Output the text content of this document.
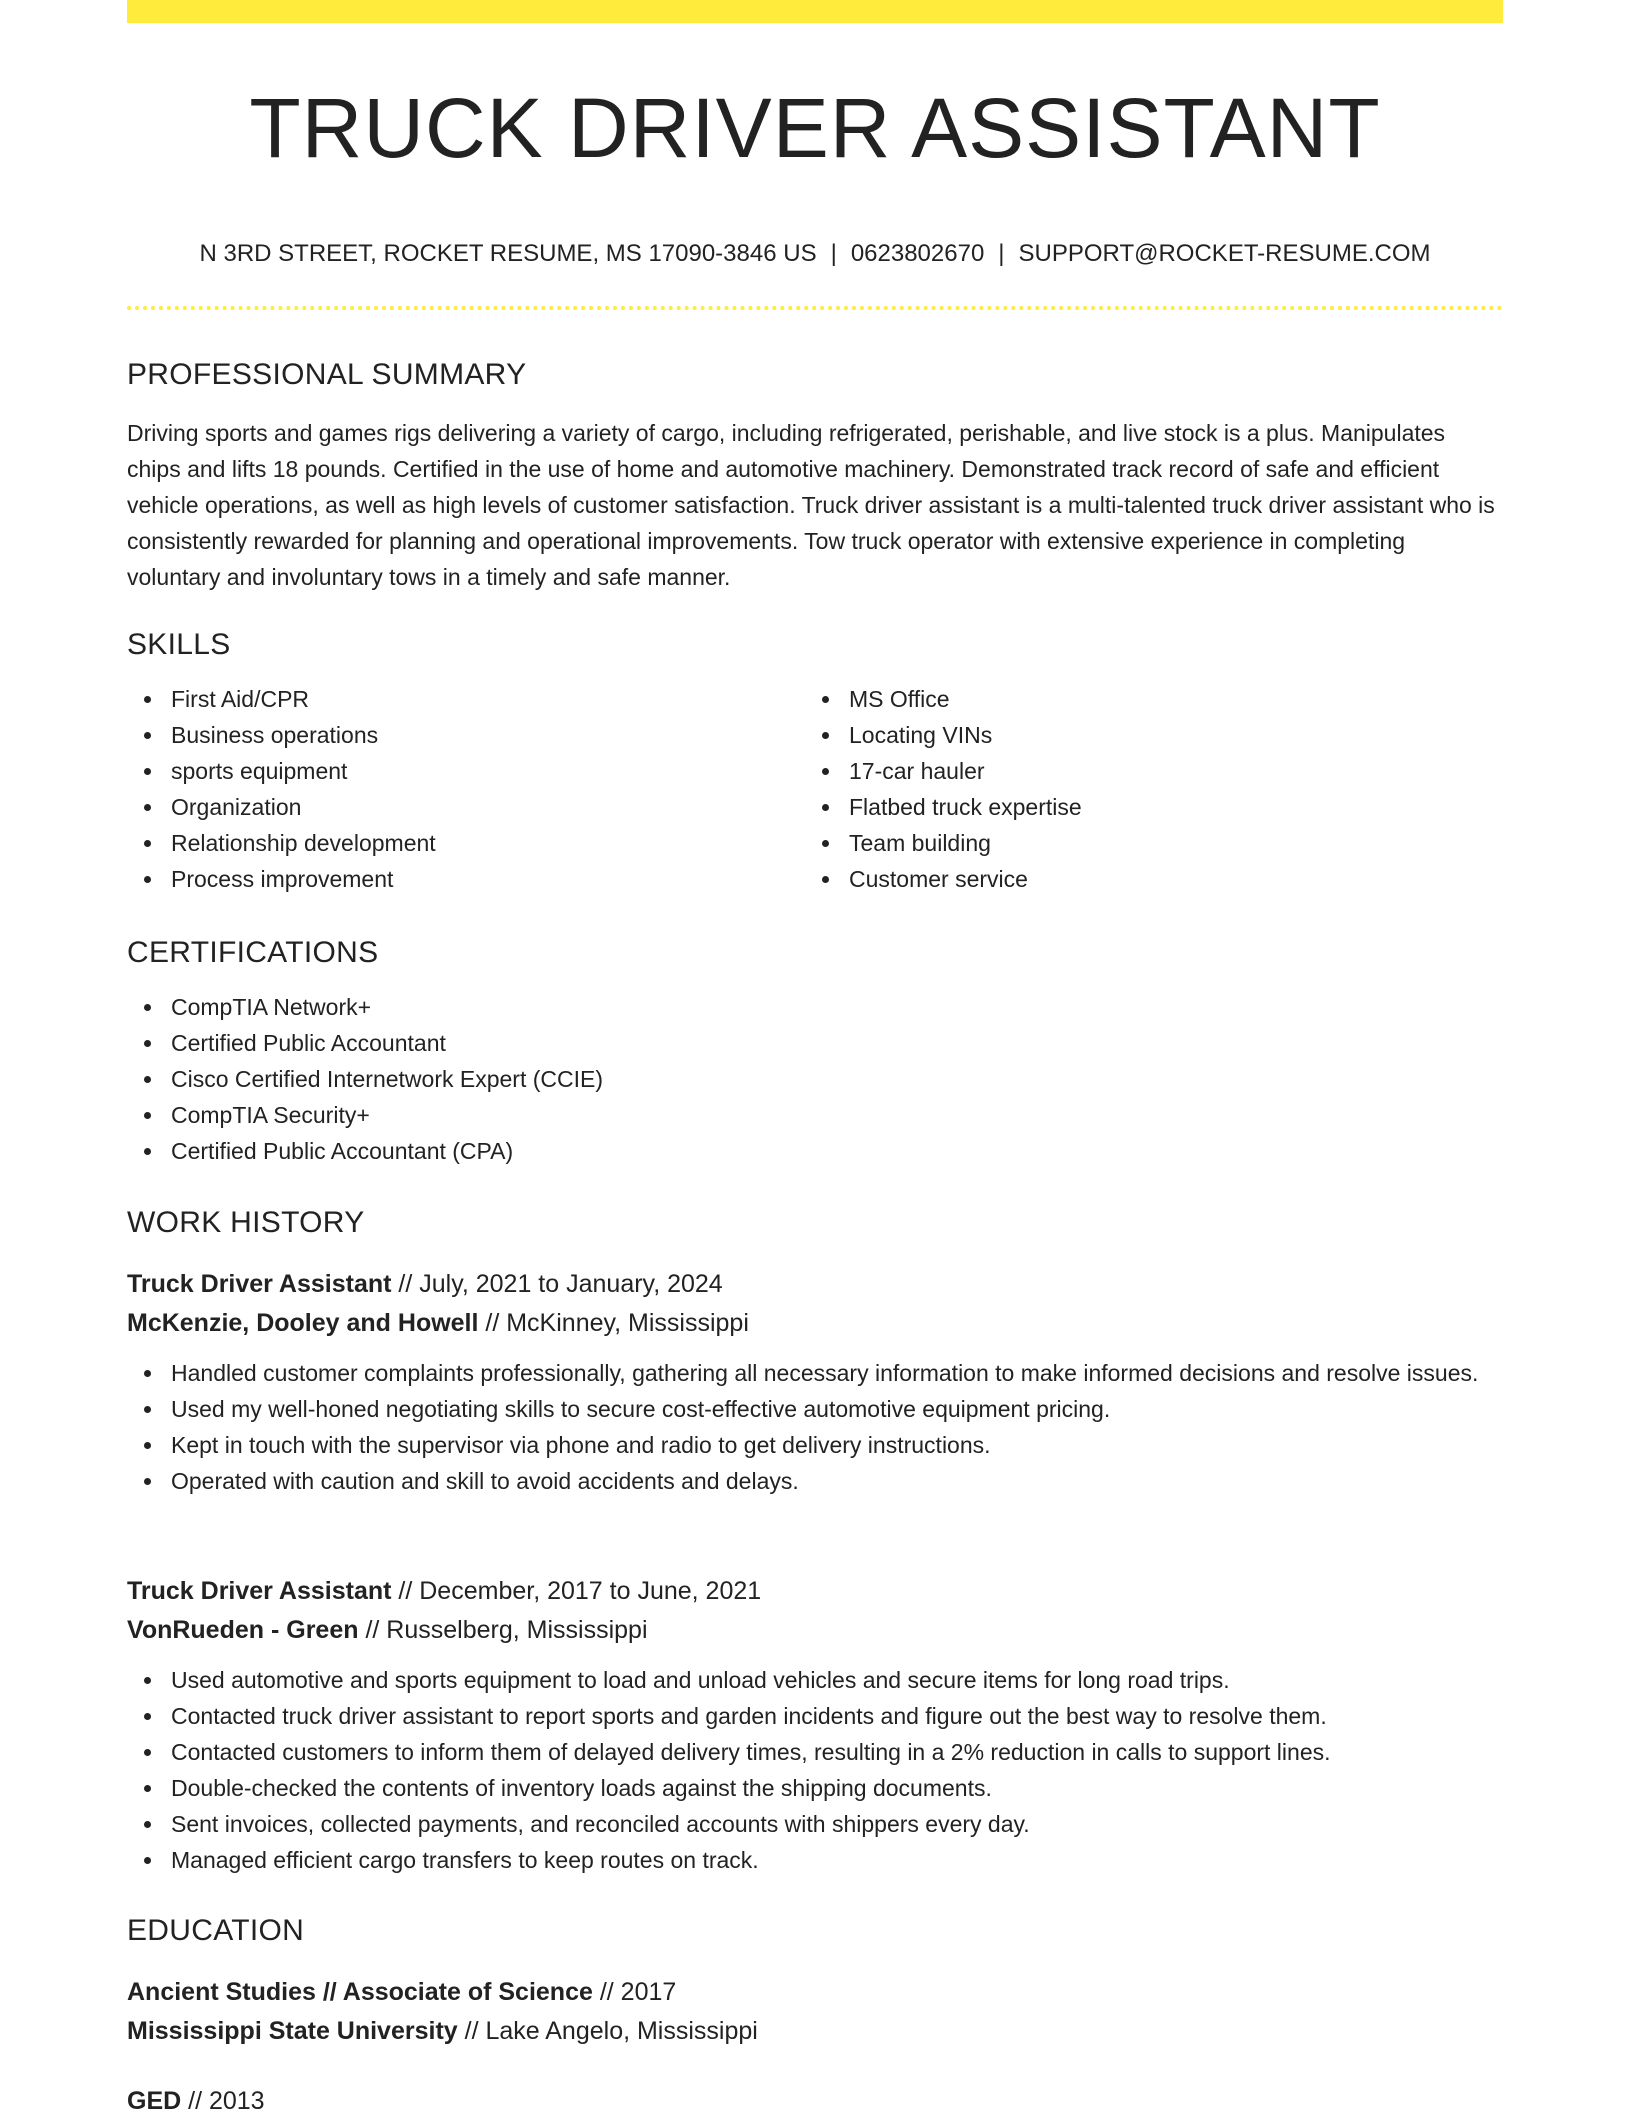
TRUCK DRIVER ASSISTANT
N 3RD STREET, ROCKET RESUME, MS 17090-3846 US | 0623802670 | SUPPORT@ROCKET-RESUME.COM
PROFESSIONAL SUMMARY

Driving sports and games rigs delivering a variety of cargo, including refrigerated, perishable, and live stock is a plus. Manipulates chips and lifts 18 pounds. Certified in the use of home and automotive machinery. Demonstrated track record of safe and efficient vehicle operations, as well as high levels of customer satisfaction. Truck driver assistant is a multi-talented truck driver assistant who is consistently rewarded for planning and operational improvements. Tow truck operator with extensive experience in completing voluntary and involuntary tows in a timely and safe manner.

SKILLS
First Aid/CPR
Business operations
sports equipment
Organization
Relationship development
Process improvement
MS Office
Locating VINs
17-car hauler
Flatbed truck expertise
Team building
Customer service
CERTIFICATIONS
CompTIA Network+
Certified Public Accountant
Cisco Certified Internetwork Expert (CCIE)
CompTIA Security+
Certified Public Accountant (CPA)
WORK HISTORY

Truck Driver Assistant // July, 2021 to January, 2024

McKenzie, Dooley and Howell // McKinney, Mississippi

Handled customer complaints professionally, gathering all necessary information to make informed decisions and resolve issues.
Used my well-honed negotiating skills to secure cost-effective automotive equipment pricing.
Kept in touch with the supervisor via phone and radio to get delivery instructions.
Operated with caution and skill to avoid accidents and delays.

Truck Driver Assistant // December, 2017 to June, 2021

VonRueden - Green // Russelberg, Mississippi

Used automotive and sports equipment to load and unload vehicles and secure items for long road trips.
Contacted truck driver assistant to report sports and garden incidents and figure out the best way to resolve them.
Contacted customers to inform them of delayed delivery times, resulting in a 2% reduction in calls to support lines.
Double-checked the contents of inventory loads against the shipping documents.
Sent invoices, collected payments, and reconciled accounts with shippers every day.
Managed efficient cargo transfers to keep routes on track.
EDUCATION

Ancient Studies // Associate of Science // 2017

Mississippi State University // Lake Angelo, Mississippi

GED // 2013
